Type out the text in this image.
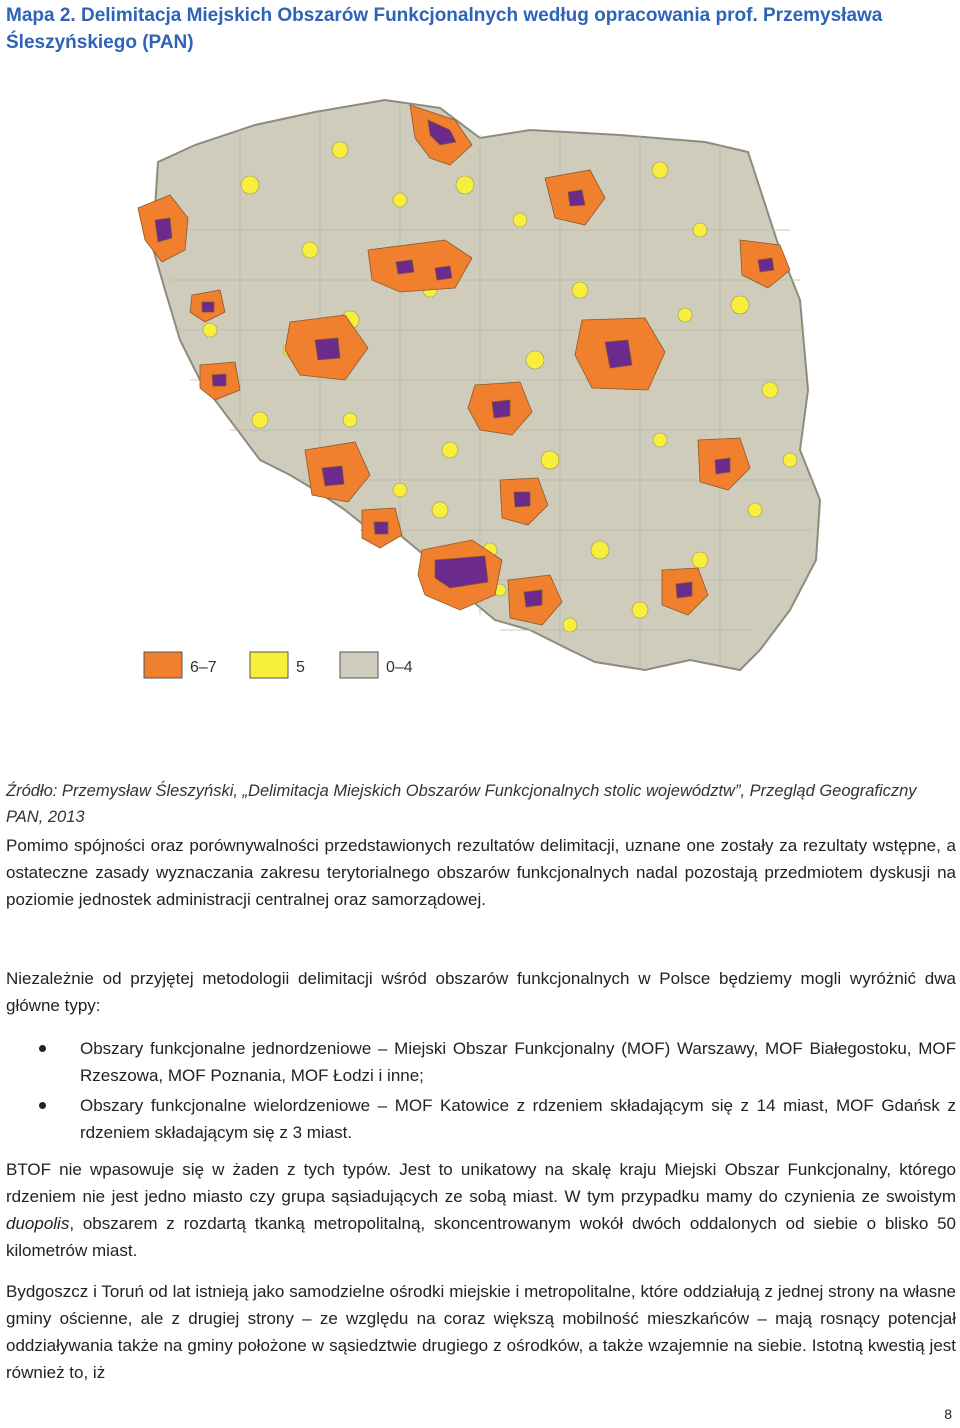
Mapa 2. Delimitacja Miejskich Obszarów Funkcjonalnych według opracowania prof. Przemysława
Śleszyńskiego (PAN)
6–7	5	0–4
Źródło: Przemysław Śleszyński, „Delimitacja Miejskich Obszarów Funkcjonalnych stolic województw”, Przegląd Geograficzny PAN, 2013

Pomimo spójności oraz porównywalności przedstawionych rezultatów delimitacji, uznane one zostały za rezultaty wstępne, a ostateczne zasady wyznaczania zakresu terytorialnego obszarów funkcjonalnych nadal pozostają przedmiotem dyskusji na poziomie jednostek administracji centralnej oraz samorządowej.

Niezależnie od przyjętej metodologii delimitacji wśród obszarów funkcjonalnych w Polsce będziemy mogli wyróżnić dwa główne typy:

Obszary funkcjonalne jednordzeniowe – Miejski Obszar Funkcjonalny (MOF) Warszawy, MOF Białegostoku, MOF Rzeszowa, MOF Poznania, MOF Łodzi i inne;
Obszary funkcjonalne wielordzeniowe – MOF Katowice z rdzeniem składającym się z 14 miast, MOF Gdańsk z rdzeniem składającym się z 3 miast.

BTOF nie wpasowuje się w żaden z tych typów. Jest to unikatowy na skalę kraju Miejski Obszar Funkcjonalny, którego rdzeniem nie jest jedno miasto czy grupa sąsiadujących ze sobą miast. W tym przypadku mamy do czynienia ze swoistym duopolis, obszarem z rozdartą tkanką metropolitalną, skoncentrowanym wokół dwóch oddalonych od siebie o blisko 50 kilometrów miast.

Bydgoszcz i Toruń od lat istnieją jako samodzielne ośrodki miejskie i metropolitalne, które oddziałują z jednej strony na własne gminy ościenne, ale z drugiej strony – ze względu na coraz większą mobilność mieszkańców – mają rosnący potencjał oddziaływania także na gminy położone w sąsiedztwie drugiego z ośrodków, a także wzajemnie na siebie. Istotną kwestią jest również to, iż

8
